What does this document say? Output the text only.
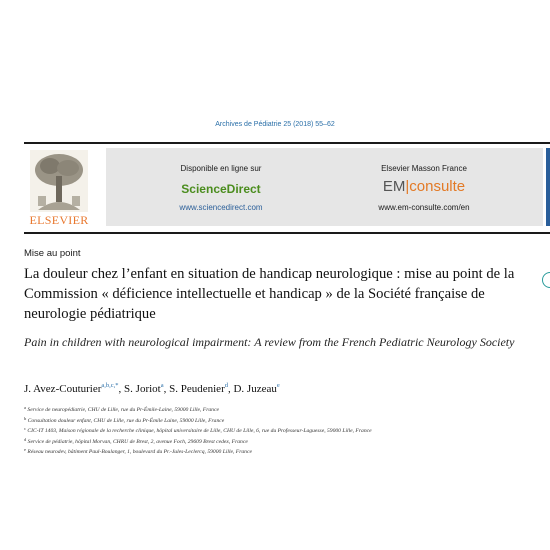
Archives de Pédiatrie 25 (2018) 55–62
ELSEVIER
Disponible en ligne sur
ScienceDirect
www.sciencedirect.com
Elsevier Masson France
EM|consulte
www.em-consulte.com/en
Mise au point
La douleur chez l’enfant en situation de handicap neurologique : mise au point de la Commission « déficience intellectuelle et handicap » de la Société française de neurologie pédiatrique
Pain in children with neurological impairment: A review from the French Pediatric Neurology Society
J. Avez-Couturier$^{a,b,c,*}$, S. Joriot$^a$, S. Peudenier$^d$, D. Juzeau$^e$
$^a$ Service de neuropédiatrie, CHU de Lille, rue du Pr-Émile-Laine, 59000 Lille, France
$^b$ Consultation douleur enfant, CHU de Lille, rue du Pr-Émile Laine, 59000 Lille, France
$^c$ CIC-IT 1403, Maison régionale de la recherche clinique, hôpital universitaire de Lille, CHU de Lille, 6, rue du Professeur-Laguesse, 59000 Lille, France
$^d$ Service de pédiatrie, hôpital Morvan, CHRU de Brest, 2, avenue Foch, 29609 Brest cedex, France
$^e$ Réseau neurodev, bâtiment Paul-Boulanger, 1, boulevard du Pr.-Jules-Leclercq, 59000 Lille, France
